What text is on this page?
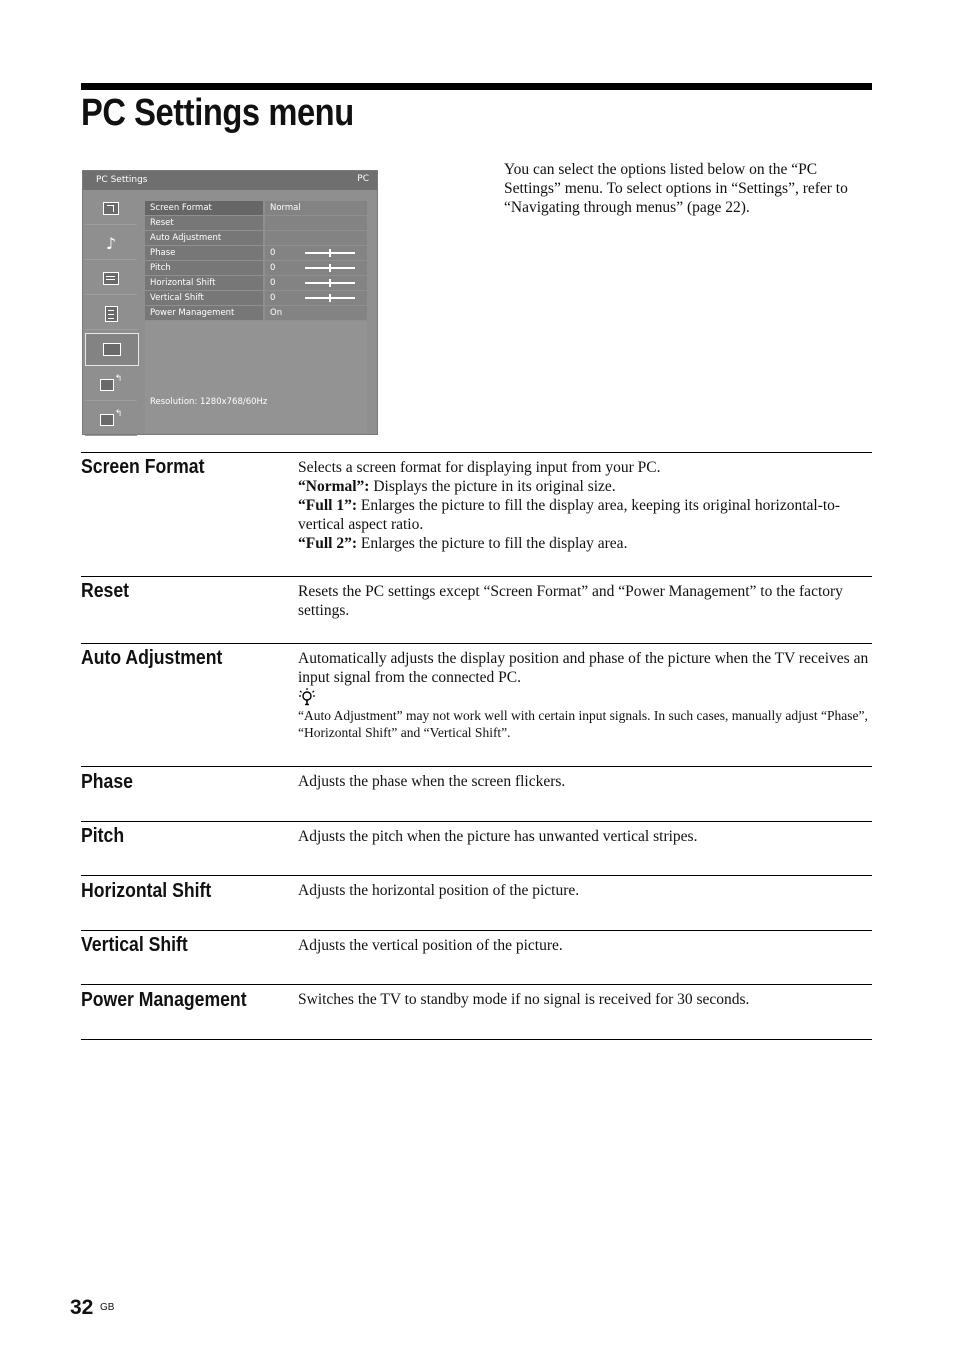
PC Settings menu
PC Settings	PC
♪
↰
↰
Screen Format	Normal
Reset
Auto Adjustment
Phase	0
Pitch	0
Horizontal Shift	0
Vertical Shift	0
Power Management	On
Resolution: 1280x768/60Hz

You can select the options listed below on the “PC Settings” menu. To select options in “Settings”, refer to “Navigating through menus” (page 22).

Screen Format	Selects a screen format for displaying input from your PC.

“Normal”: Displays the picture in its original size.

“Full 1”: Enlarges the picture to fill the display area, keeping its original horizontal-to-vertical aspect ratio.

“Full 2”: Enlarges the picture to fill the display area.

Reset	Resets the PC settings except “Screen Format” and “Power Management” to the factory settings.

Auto Adjustment	Automatically adjusts the display position and phase of the picture when the TV receives an input signal from the connected PC.

“Auto Adjustment” may not work well with certain input signals. In such cases, manually adjust “Phase”, “Horizontal Shift” and “Vertical Shift”.

Phase	Adjusts the phase when the screen flickers.

Pitch	Adjusts the pitch when the picture has unwanted vertical stripes.

Horizontal Shift	Adjusts the horizontal position of the picture.

Vertical Shift	Adjusts the vertical position of the picture.

Power Management	Switches the TV to standby mode if no signal is received for 30 seconds.

32 GB
